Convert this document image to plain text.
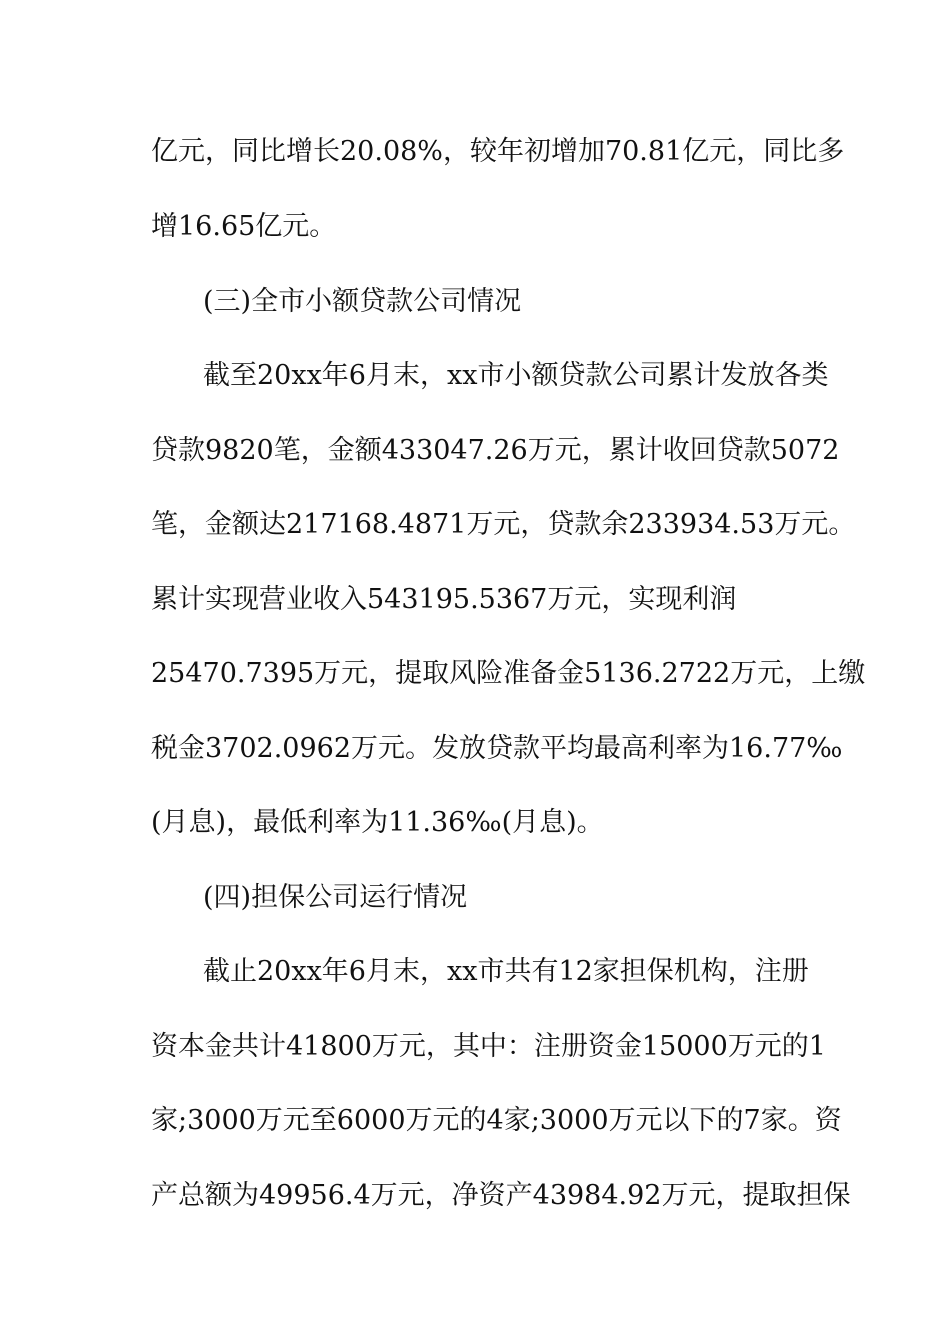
亿元，同比增长20.08%，较年初增加70.81亿元，同比多

增16.65亿元。

(三)全市小额贷款公司情况

截至20xx年6月末，xx市小额贷款公司累计发放各类

贷款9820笔，金额433047.26万元，累计收回贷款5072

笔，金额达217168.4871万元，贷款余233934.53万元。

累计实现营业收入543195.5367万元，实现利润

25470.7395万元，提取风险准备金5136.2722万元，上缴

税金3702.0962万元。发放贷款平均最高利率为16.77‰

(月息)，最低利率为11.36‰(月息)。

(四)担保公司运行情况

截止20xx年6月末，xx市共有12家担保机构，注册

资本金共计41800万元，其中：注册资金15000万元的1

家;3000万元至6000万元的4家;3000万元以下的7家。资

产总额为49956.4万元，净资产43984.92万元，提取担保
